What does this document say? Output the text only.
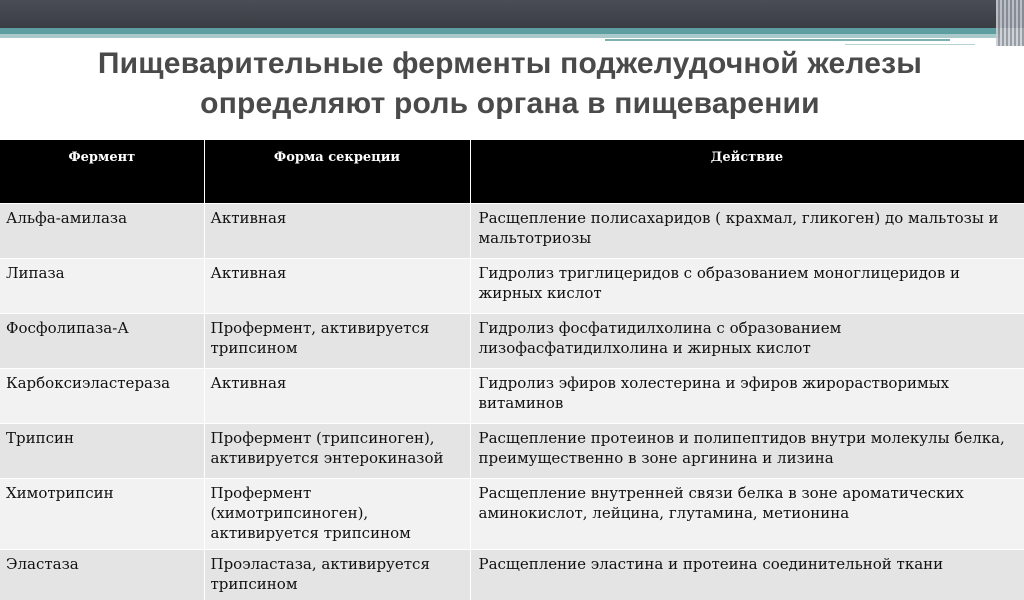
Пищеварительные ферменты поджелудочной железы
определяют роль органа в пищеварении
Фермент	Форма секреции	Действие
Альфа-амилаза	Активная	Расщепление полисахаридов ( крахмал, гликоген) до мальтозы и мальтотриозы
Липаза	Активная	Гидролиз триглицеридов с образованием моноглицеридов и жирных кислот
Фосфолипаза-А	Профермент, активируется трипсином	Гидролиз фосфатидилхолина с образованием лизофасфатидилхолина и жирных кислот
Карбоксиэластераза	Активная	Гидролиз эфиров холестерина и эфиров жирорастворимых витаминов
Трипсин	Профермент (трипсиноген), активируется энтерокиназой	Расщепление протеинов и полипептидов внутри молекулы белка, преимущественно в зоне аргинина и лизина
Химотрипсин	Профермент (химотрипсиноген), активируется трипсином	Расщепление внутренней связи белка в зоне ароматических аминокислот, лейцина, глутамина, метионина
Эластаза	Проэластаза, активируется трипсином	Расщепление эластина и протеина соединительной ткани
